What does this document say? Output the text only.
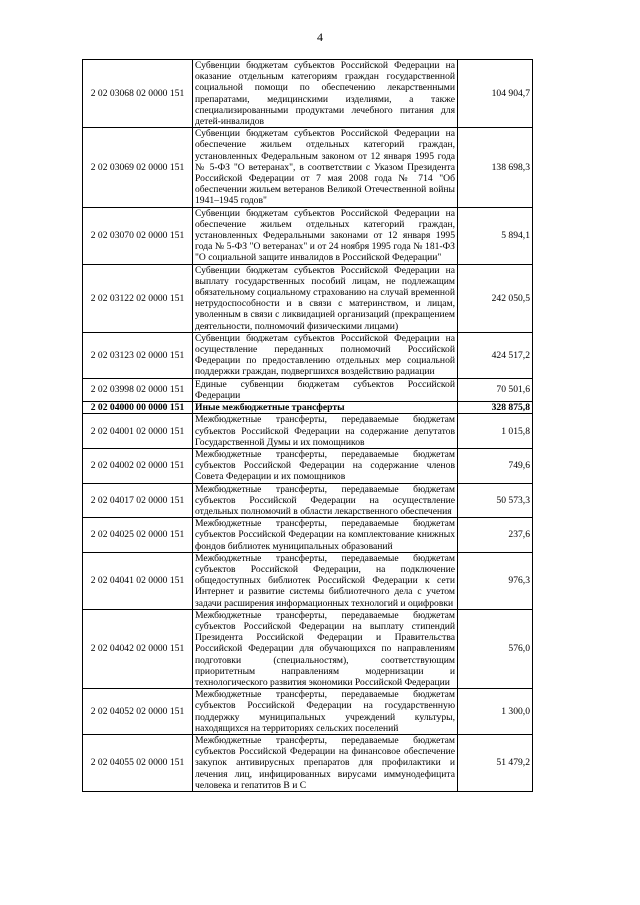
4
2 02 03068 02 0000 151	Субвенции бюджетам субъектов Российской Федерации на оказание отдельным категориям граждан государственной социальной помощи по обеспечению лекарственными препаратами, медицинскими изделиями, а также специализированными продуктами лечебного питания для детей-инвалидов	104 904,7
2 02 03069 02 0000 151	Субвенции бюджетам субъектов Российской Федерации на обеспечение жильем отдельных категорий граждан, установленных Федеральным законом от 12 января 1995 года № 5-ФЗ "О ветеранах", в соответствии с Указом Президента Российской Федерации от 7 мая 2008 года № 714 "Об обеспечении жильем ветеранов Великой Отечественной войны 1941–1945 годов"	138 698,3
2 02 03070 02 0000 151	Субвенции бюджетам субъектов Российской Федерации на обеспечение жильем отдельных категорий граждан, установленных Федеральными законами от 12 января 1995 года № 5-ФЗ "О ветеранах" и от 24 ноября 1995 года № 181-ФЗ "О социальной защите инвалидов в Российской Федерации"	5 894,1
2 02 03122 02 0000 151	Субвенции бюджетам субъектов Российской Федерации на выплату государственных пособий лицам, не подлежащим обязательному социальному страхованию на случай временной нетрудоспособности и в связи с материнством, и лицам, уволенным в связи с ликвидацией организаций (прекращением деятельности, полномочий физическими лицами)	242 050,5
2 02 03123 02 0000 151	Субвенции бюджетам субъектов Российской Федерации на осуществление переданных полномочий Российской Федерации по предоставлению отдельных мер социальной поддержки граждан, подвергшихся воздействию радиации	424 517,2
2 02 03998 02 0000 151	Единые субвенции бюджетам субъектов Российской Федерации	70 501,6
2 02 04000 00 0000 151	Иные межбюджетные трансферты	328 875,8
2 02 04001 02 0000 151	Межбюджетные трансферты, передаваемые бюджетам субъектов Российской Федерации на содержание депутатов Государственной Думы и их помощников	1 015,8
2 02 04002 02 0000 151	Межбюджетные трансферты, передаваемые бюджетам субъектов Российской Федерации на содержание членов Совета Федерации и их помощников	749,6
2 02 04017 02 0000 151	Межбюджетные трансферты, передаваемые бюджетам субъектов Российской Федерации на осуществление отдельных полномочий в области лекарственного обеспечения	50 573,3
2 02 04025 02 0000 151	Межбюджетные трансферты, передаваемые бюджетам субъектов Российской Федерации на комплектование книжных фондов библиотек муниципальных образований	237,6
2 02 04041 02 0000 151	Межбюджетные трансферты, передаваемые бюджетам субъектов Российской Федерации, на подключение общедоступных библиотек Российской Федерации к сети Интернет и развитие системы библиотечного дела с учетом задачи расширения информационных технологий и оцифровки	976,3
2 02 04042 02 0000 151	Межбюджетные трансферты, передаваемые бюджетам субъектов Российской Федерации на выплату стипендий Президента Российской Федерации и Правительства Российской Федерации для обучающихся по направлениям подготовки (специальностям), соответствующим приоритетным направлениям модернизации и технологического развития экономики Российской Федерации	576,0
2 02 04052 02 0000 151	Межбюджетные трансферты, передаваемые бюджетам субъектов Российской Федерации на государственную поддержку муниципальных учреждений культуры, находящихся на территориях сельских поселений	1 300,0
2 02 04055 02 0000 151	Межбюджетные трансферты, передаваемые бюджетам субъектов Российской Федерации на финансовое обеспечение закупок антивирусных препаратов для профилактики и лечения лиц, инфицированных вирусами иммунодефицита человека и гепатитов B и C	51 479,2
